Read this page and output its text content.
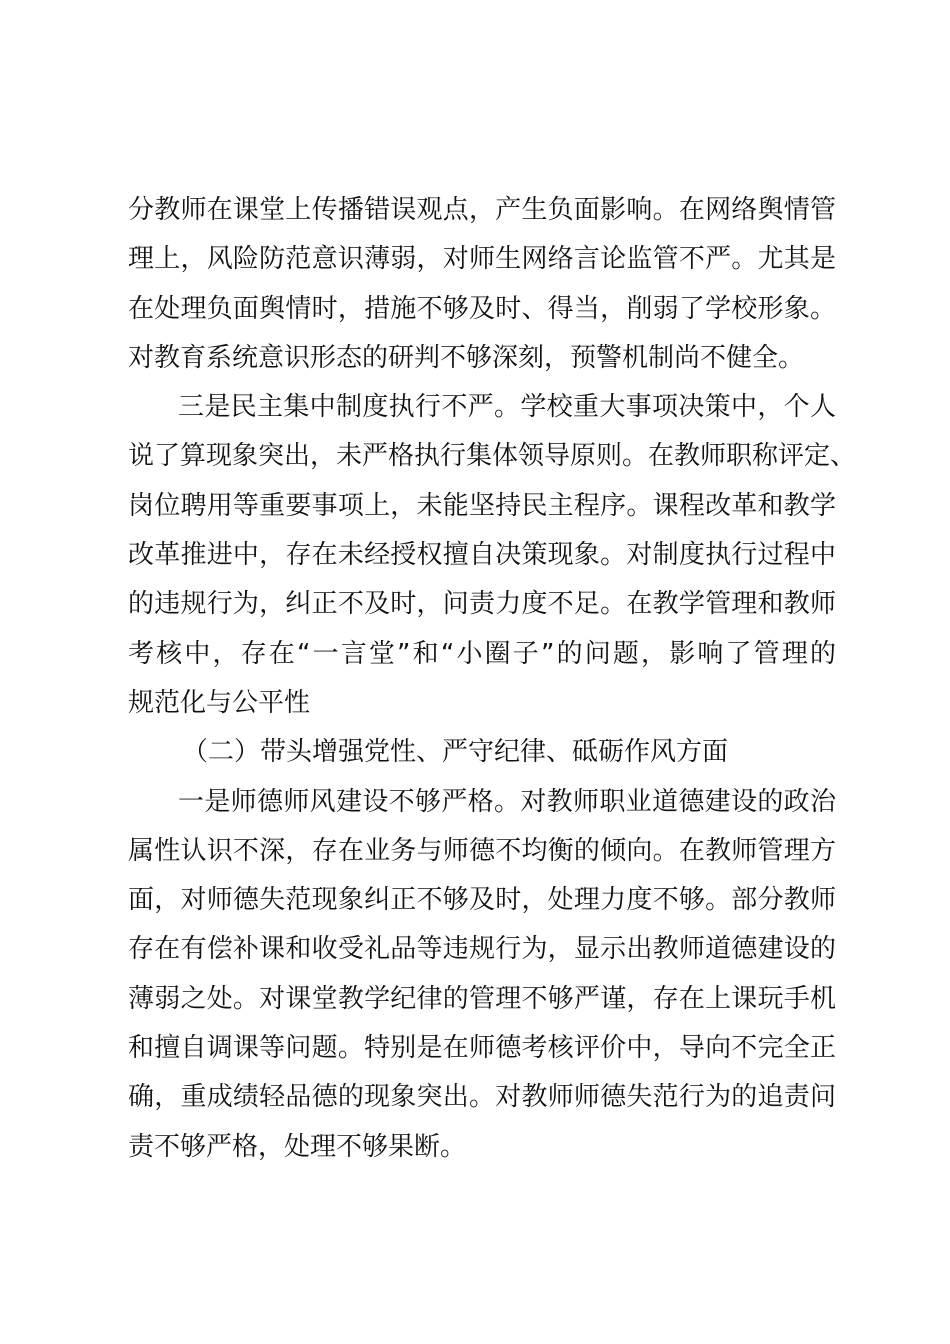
分教师在课堂上传播错误观点，产生负面影响。在网络舆情管
理上，风险防范意识薄弱，对师生网络言论监管不严。尤其是
在处理负面舆情时，措施不够及时、得当，削弱了学校形象。
对教育系统意识形态的研判不够深刻，预警机制尚不健全。
三是民主集中制度执行不严。学校重大事项决策中，个人
说了算现象突出，未严格执行集体领导原则。在教师职称评定、
岗位聘用等重要事项上，未能坚持民主程序。课程改革和教学
改革推进中，存在未经授权擅自决策现象。对制度执行过程中
的违规行为，纠正不及时，问责力度不足。在教学管理和教师
考核中，存在“一言堂”和“小圈子”的问题，影响了管理的
规范化与公平性
（二）带头增强党性、严守纪律、砥砺作风方面
一是师德师风建设不够严格。对教师职业道德建设的政治
属性认识不深，存在业务与师德不均衡的倾向。在教师管理方
面，对师德失范现象纠正不够及时，处理力度不够。部分教师
存在有偿补课和收受礼品等违规行为，显示出教师道德建设的
薄弱之处。对课堂教学纪律的管理不够严谨，存在上课玩手机
和擅自调课等问题。特别是在师德考核评价中，导向不完全正
确，重成绩轻品德的现象突出。对教师师德失范行为的追责问
责不够严格，处理不够果断。
